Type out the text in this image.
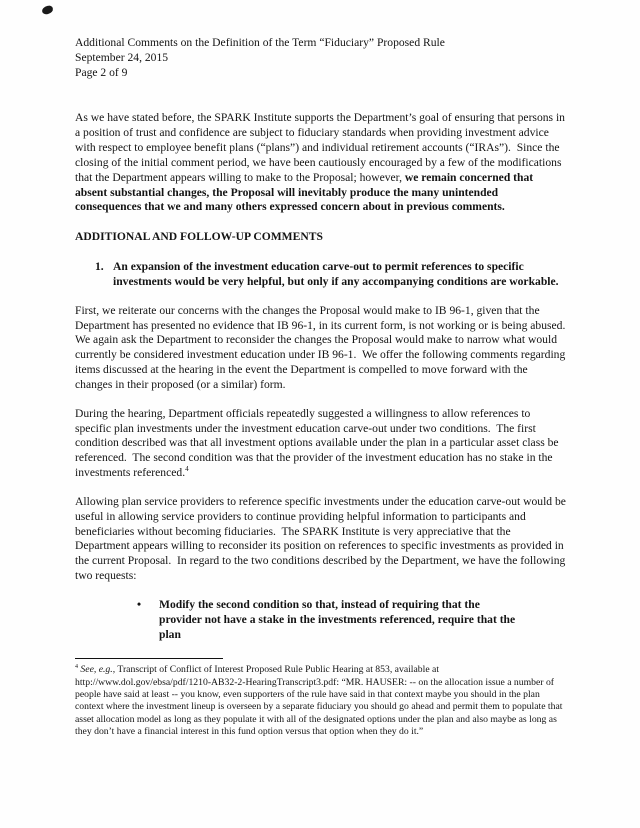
Additional Comments on the Definition of the Term “Fiduciary” Proposed Rule
September 24, 2015
Page 2 of 9

As we have stated before, the SPARK Institute supports the Department’s goal of ensuring that persons in a position of trust and confidence are subject to fiduciary standards when providing investment advice with respect to employee benefit plans (“plans”) and individual retirement accounts (“IRAs”).  Since the closing of the initial comment period, we have been cautiously encouraged by a few of the modifications that the Department appears willing to make to the Proposal; however, we remain concerned that absent substantial changes, the Proposal will inevitably produce the many unintended consequences that we and many others expressed concern about in previous comments.

ADDITIONAL AND FOLLOW-UP COMMENTS
1. An expansion of the investment education carve-out to permit references to specific investments would be very helpful, but only if any accompanying conditions are workable.

First, we reiterate our concerns with the changes the Proposal would make to IB 96-1, given that the Department has presented no evidence that IB 96-1, in its current form, is not working or is being abused.  We again ask the Department to reconsider the changes the Proposal would make to narrow what would currently be considered investment education under IB 96-1.  We offer the following comments regarding items discussed at the hearing in the event the Department is compelled to move forward with the changes in their proposed (or a similar) form.

During the hearing, Department officials repeatedly suggested a willingness to allow references to specific plan investments under the investment education carve-out under two conditions.  The first condition described was that all investment options available under the plan in a particular asset class be referenced.  The second condition was that the provider of the investment education has no stake in the investments referenced.$^4$

Allowing plan service providers to reference specific investments under the education carve-out would be useful in allowing service providers to continue providing helpful information to participants and beneficiaries without becoming fiduciaries.  The SPARK Institute is very appreciative that the Department appears willing to reconsider its position on references to specific investments as provided in the current Proposal.  In regard to the two conditions described by the Department, we have the following two requests:

•	Modify the second condition so that, instead of requiring that the provider not have a stake in the investments referenced, require that the plan

$^4$ See, e.g., Transcript of Conflict of Interest Proposed Rule Public Hearing at 853, available at http://www.dol.gov/ebsa/pdf/1210-AB32-2-HearingTranscript3.pdf: “MR. HAUSER: -- on the allocation issue a number of people have said at least -- you know, even supporters of the rule have said in that context maybe you should in the plan context where the investment lineup is overseen by a separate fiduciary you should go ahead and permit them to populate that asset allocation model as long as they populate it with all of the designated options under the plan and also maybe as long as they don’t have a financial interest in this fund option versus that option when they do it.”
